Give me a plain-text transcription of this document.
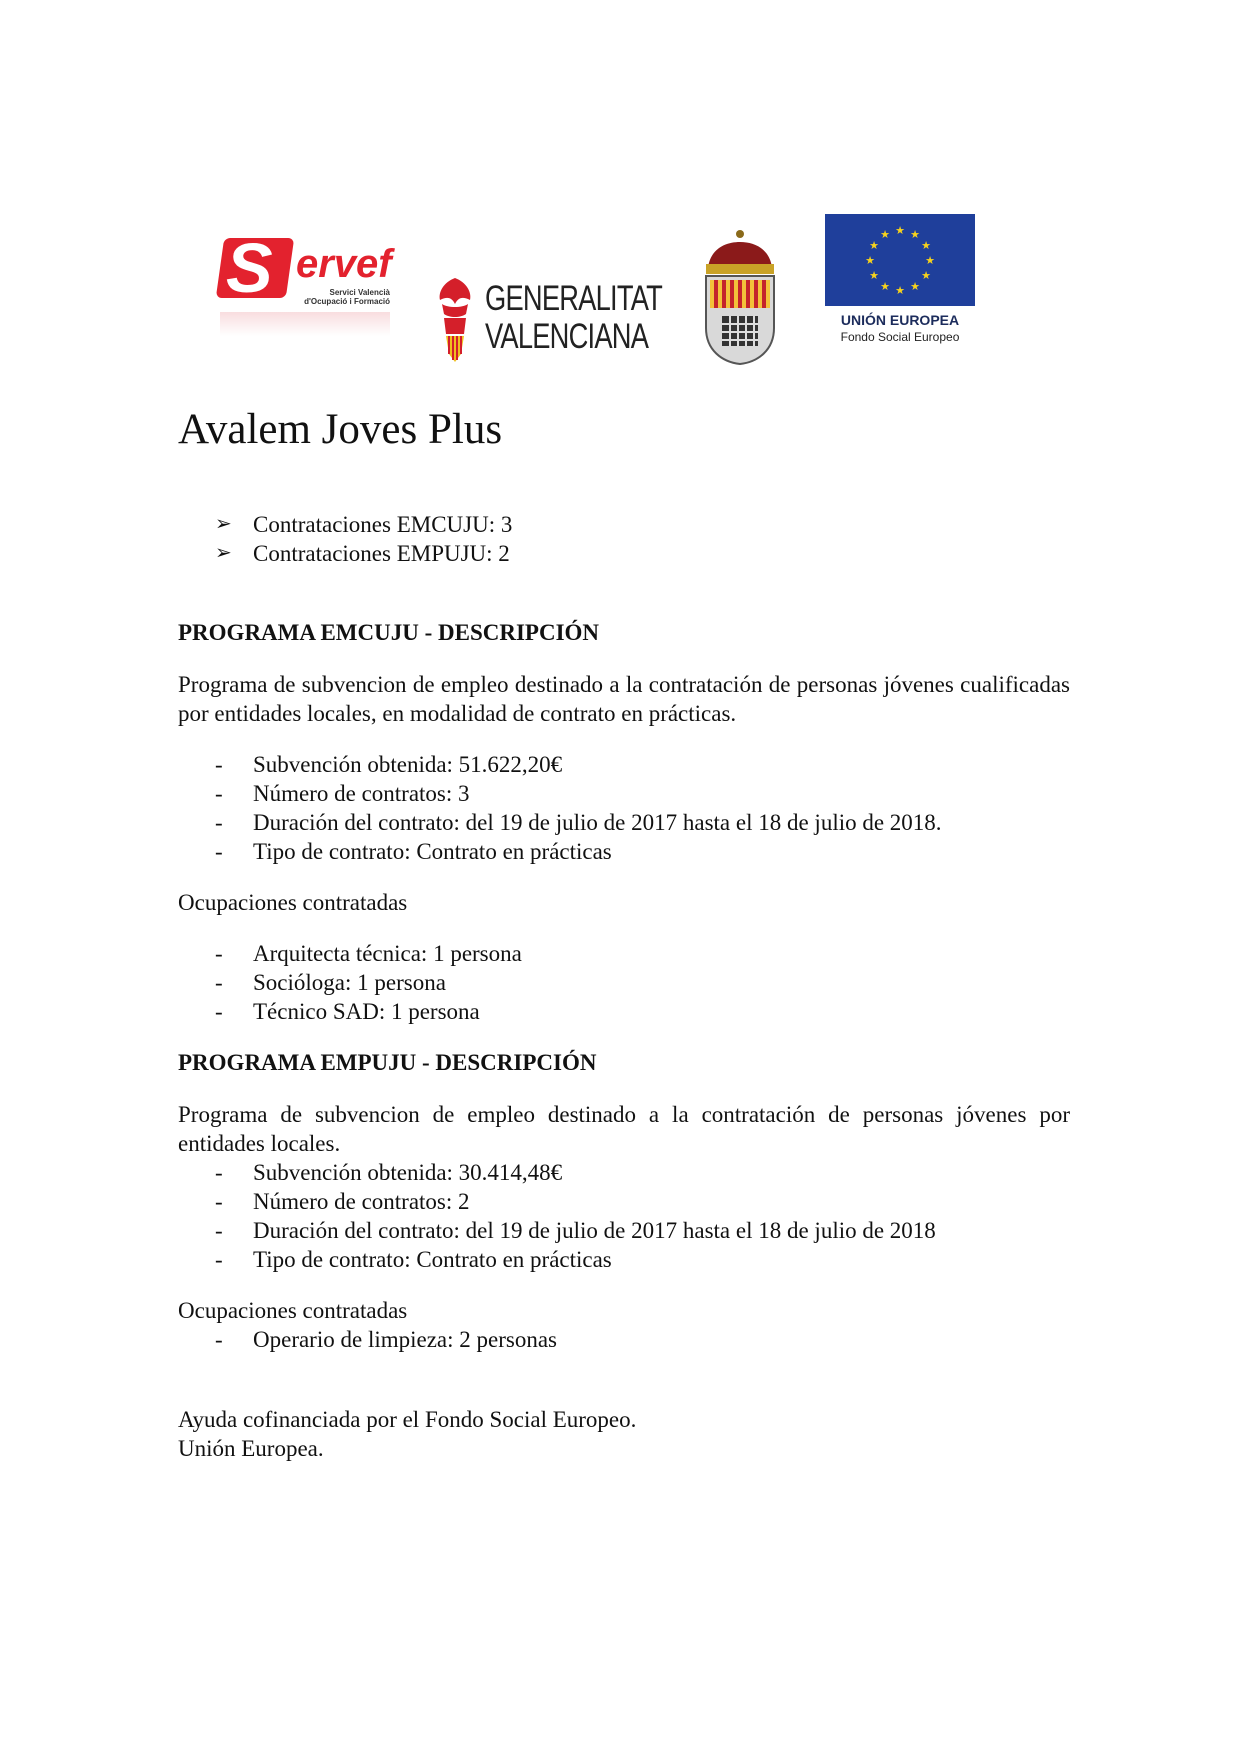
S ervef
Servici Valencià d'Ocupació i Formació	GENERALITAT
VALENCIANA
★ ★
★
★
★
★
★
★
★
★
★
★
UNIÓN EUROPEA
Fondo Social Europeo
Avalem Joves Plus
➢ Contrataciones EMCUJU: 3
➢ Contrataciones EMPUJU: 2
PROGRAMA EMCUJU - DESCRIPCIÓN
Programa de subvencion de empleo destinado a la contratación de personas jóvenes cualificadas por entidades locales, en modalidad de contrato en prácticas.
- Subvención obtenida: 51.622,20€
- Número de contratos: 3
- Duración del contrato: del 19 de julio de 2017 hasta el 18 de julio de 2018.
- Tipo de contrato: Contrato en prácticas
Ocupaciones contratadas
- Arquitecta técnica: 1 persona
- Socióloga: 1 persona
- Técnico SAD: 1 persona
PROGRAMA EMPUJU - DESCRIPCIÓN
Programa de subvencion de empleo destinado a la contratación de personas jóvenes por entidades locales.
- Subvención obtenida: 30.414,48€
- Número de contratos: 2
- Duración del contrato: del 19 de julio de 2017 hasta el 18 de julio de 2018
- Tipo de contrato: Contrato en prácticas
Ocupaciones contratadas
- Operario de limpieza: 2 personas
Ayuda cofinanciada por el Fondo Social Europeo.
Unión Europea.
